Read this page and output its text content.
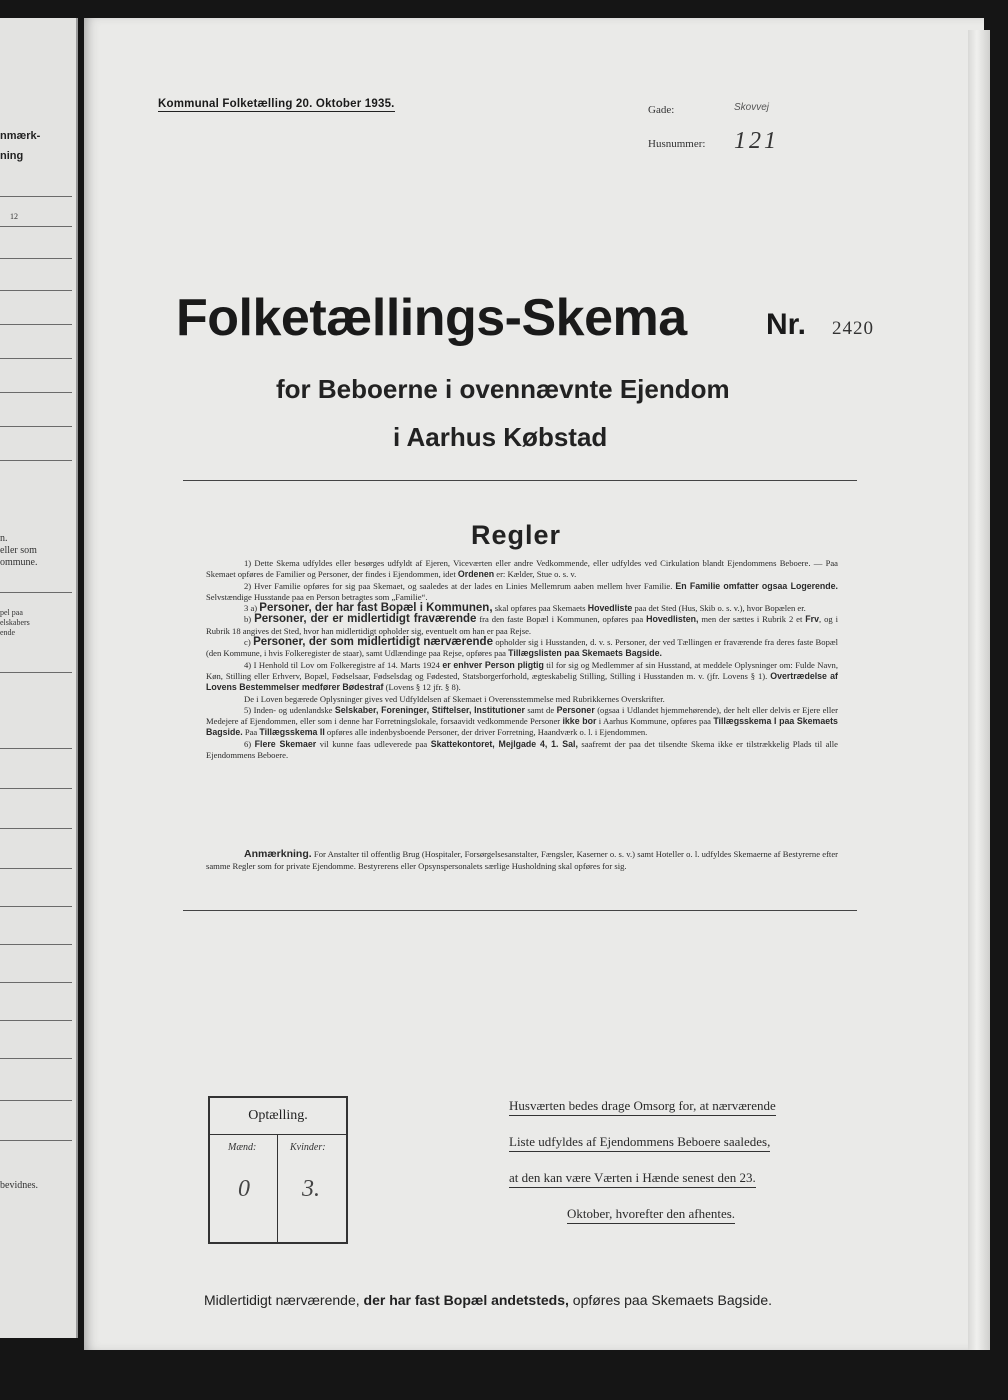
nmærk-
ning
12
n.
eller som
ommune.
pel paa
elskabers
ende
bevidnes.
Kommunal Folketælling 20. Oktober 1935.	Gade:	Skovvej
Husnummer: 121
Folketællings-Skema	Nr. 2420
for Beboerne i ovennævnte Ejendom
i Aarhus Købstad
Regler

1) Dette Skema udfyldes eller besørges udfyldt af Ejeren, Viceværten eller andre Vedkommende, eller udfyldes ved Cirkulation blandt Ejendommens Beboere. — Paa Skemaet opføres de Familier og Personer, der findes i Ejendommen, idet Ordenen er: Kælder, Stue o. s. v.

2) Hver Familie opføres for sig paa Skemaet, og saaledes at der lades en Linies Mellemrum aaben mellem hver Familie. En Familie omfatter ogsaa Logerende. Selvstændige Husstande paa en Person betragtes som „Familie“.

3 a) Personer, der har fast Bopæl i Kommunen, skal opføres paa Skemaets Hovedliste paa det Sted (Hus, Skib o. s. v.), hvor Bopælen er.

b) Personer, der er midlertidigt fraværende fra den faste Bopæl i Kommunen, opføres paa Hovedlisten, men der sættes i Rubrik 2 et Frv, og i Rubrik 18 angives det Sted, hvor han midlertidigt opholder sig, eventuelt om han er paa Rejse.

c) Personer, der som midlertidigt nærværende opholder sig i Husstanden, d. v. s. Personer, der ved Tællingen er fraværende fra deres faste Bopæl (den Kommune, i hvis Folkeregister de staar), samt Udlændinge paa Rejse, opføres paa Tillægslisten paa Skemaets Bagside.

4) I Henhold til Lov om Folkeregistre af 14. Marts 1924 er enhver Person pligtig til for sig og Medlemmer af sin Husstand, at meddele Oplysninger om: Fulde Navn, Køn, Stilling eller Erhverv, Bopæl, Fødselsaar, Fødselsdag og Fødested, Statsborgerforhold, ægteskabelig Stilling, Stilling i Husstanden m. v. (jfr. Lovens § 1). Overtrædelse af Lovens Bestemmelser medfører Bødestraf (Lovens § 12 jfr. § 8).

De i Loven begærede Oplysninger gives ved Udfyldelsen af Skemaet i Overensstemmelse med Rubrikkernes Overskrifter.

5) Inden- og udenlandske Selskaber, Foreninger, Stiftelser, Institutioner samt de Personer (ogsaa i Udlandet hjemmehørende), der helt eller delvis er Ejere eller Medejere af Ejendommen, eller som i denne har Forretningslokale, forsaavidt vedkommende Personer ikke bor i Aarhus Kommune, opføres paa Tillægsskema I paa Skemaets Bagside. Paa Tillægsskema II opføres alle indenbysboende Personer, der driver Forretning, Haandværk o. l. i Ejendommen.

6) Flere Skemaer vil kunne faas udleverede paa Skattekontoret, Mejlgade 4, 1. Sal, saafremt der paa det tilsendte Skema ikke er tilstrækkelig Plads til alle Ejendommens Beboere.

Anmærkning. For Anstalter til offentlig Brug (Hospitaler, Forsørgelsesanstalter, Fængsler, Kaserner o. s. v.) samt Hoteller o. l. udfyldes Skemaerne af Bestyrerne efter samme Regler som for private Ejendomme. Bestyrerens eller Opsynspersonalets særlige Husholdning skal opføres for sig.
Optælling.
Mænd:	Kvinder:
0 3.
Husværten bedes drage Omsorg for, at nærværende
Liste udfyldes af Ejendommens Beboere saaledes,
at den kan være Værten i Hænde senest den 23.
Oktober, hvorefter den afhentes.
Midlertidigt nærværende, der har fast Bopæl andetsteds, opføres paa Skemaets Bagside.
